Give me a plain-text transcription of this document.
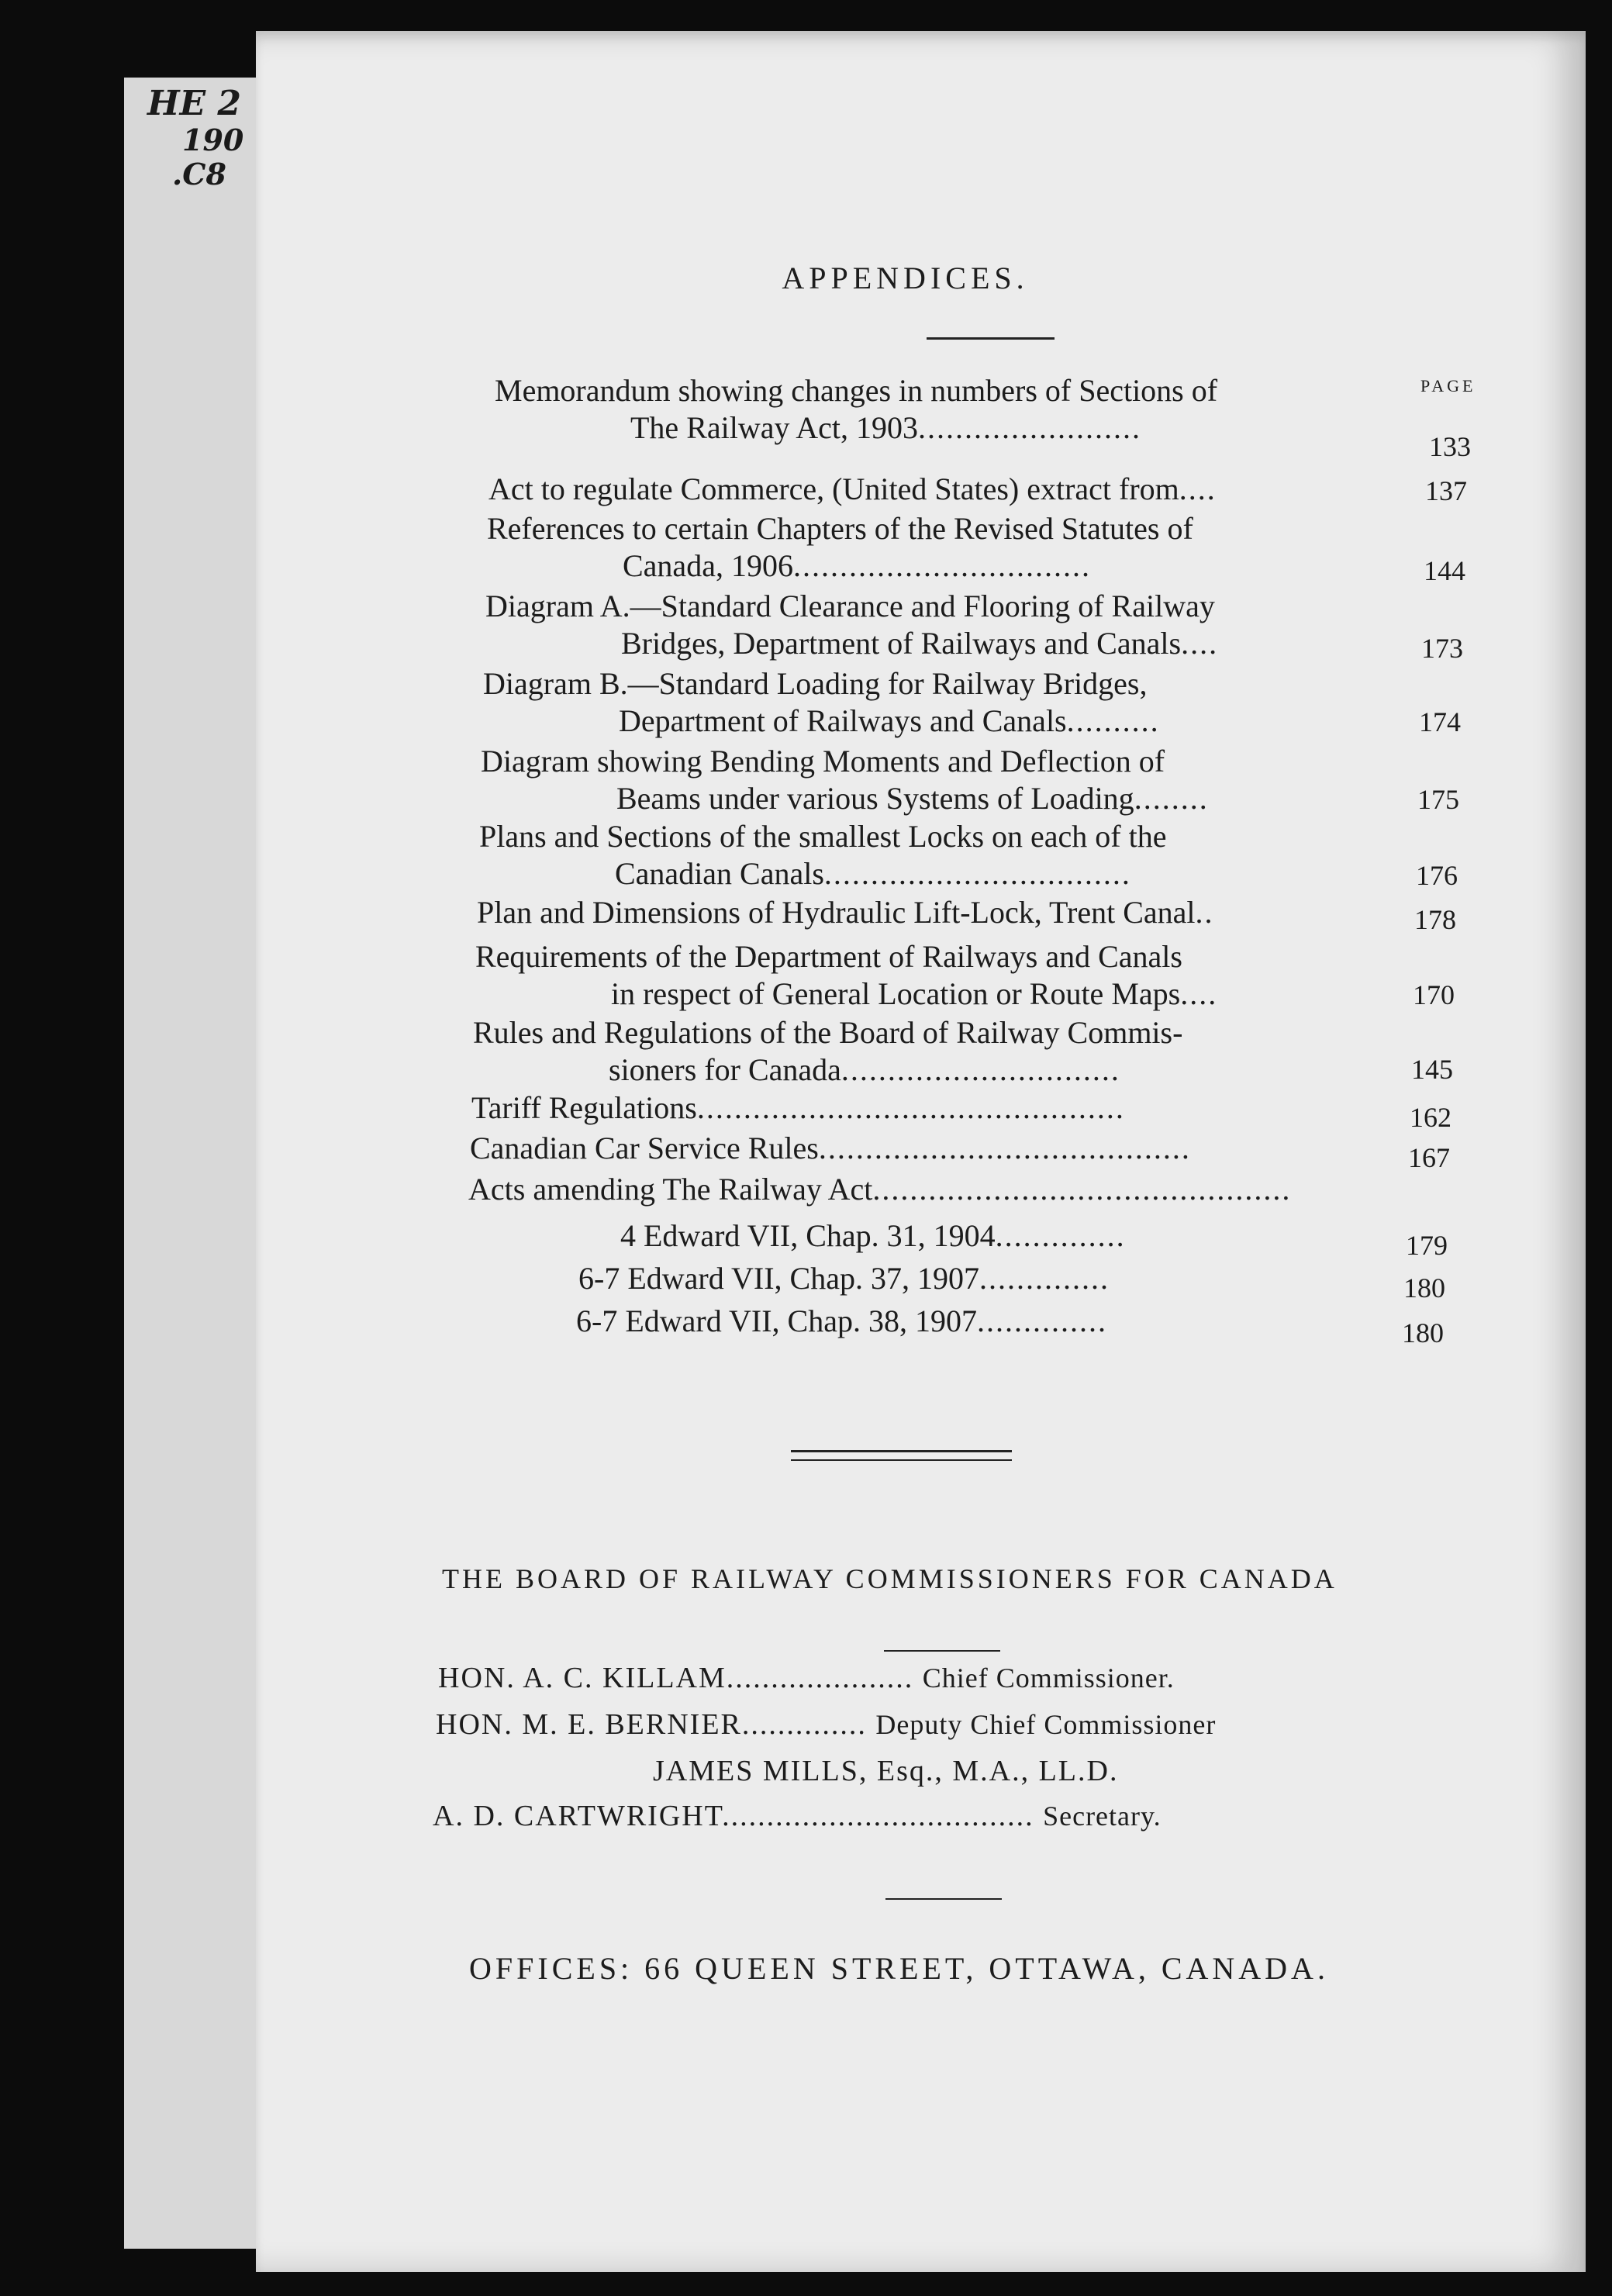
HE 2
190
.C8
APPENDICES.
PAGE
Memorandum showing changes in numbers of Sections of
The Railway Act, 1903........................
133
Act to regulate Commerce, (United States) extract from....	137
References to certain Chapters of the Revised Statutes of
Canada, 1906................................	144
Diagram A.—Standard Clearance and Flooring of Railway
Bridges, Department of Railways and Canals....	173
Diagram B.—Standard Loading for Railway Bridges,
Department of Railways and Canals..........	174
Diagram showing Bending Moments and Deflection of
Beams under various Systems of Loading........	175
Plans and Sections of the smallest Locks on each of the
Canadian Canals.................................	176
Plan and Dimensions of Hydraulic Lift-Lock, Trent Canal..	178
Requirements of the Department of Railways and Canals
in respect of General Location or Route Maps....	170
Rules and Regulations of the Board of Railway Commis-
sioners for Canada..............................	145
Tariff Regulations..............................................	162
Canadian Car Service Rules........................................	167
Acts amending The Railway Act.............................................
4 Edward VII, Chap. 31, 1904..............	179
6-7 Edward VII, Chap. 37, 1907..............	180
6-7 Edward VII, Chap. 38, 1907..............	180
THE BOARD OF RAILWAY COMMISSIONERS FOR CANADA
HON. A. C. KILLAM..................... Chief Commissioner.
HON. M. E. BERNIER.............. Deputy Chief Commissioner
JAMES MILLS, Esq., M.A., LL.D.
A. D. CARTWRIGHT................................... Secretary.
OFFICES: 66 QUEEN STREET, OTTAWA, CANADA.
